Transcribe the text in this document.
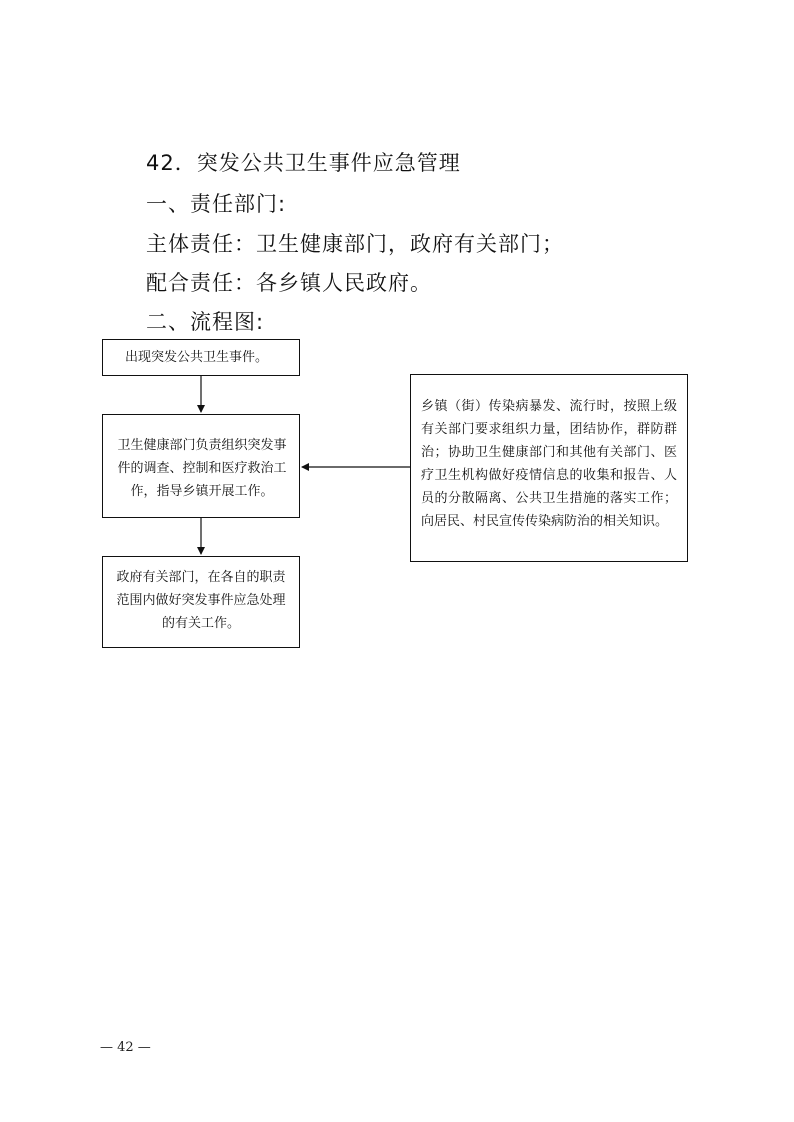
42．突发公共卫生事件应急管理
一、责任部门:
主体责任：卫生健康部门，政府有关部门；
配合责任：各乡镇人民政府。
二、流程图:
出现突发公共卫生事件。
卫生健康部门负责组织突发事件的调查、控制和医疗救治工作，指导乡镇开展工作。
政府有关部门，在各自的职责范围内做好突发事件应急处理的有关工作。
乡镇（街）传染病暴发、流行时，按照上级有关部门要求组织力量，团结协作，群防群治；协助卫生健康部门和其他有关部门、医疗卫生机构做好疫情信息的收集和报告、人员的分散隔离、公共卫生措施的落实工作；向居民、村民宣传传染病防治的相关知识。
— 42 —
